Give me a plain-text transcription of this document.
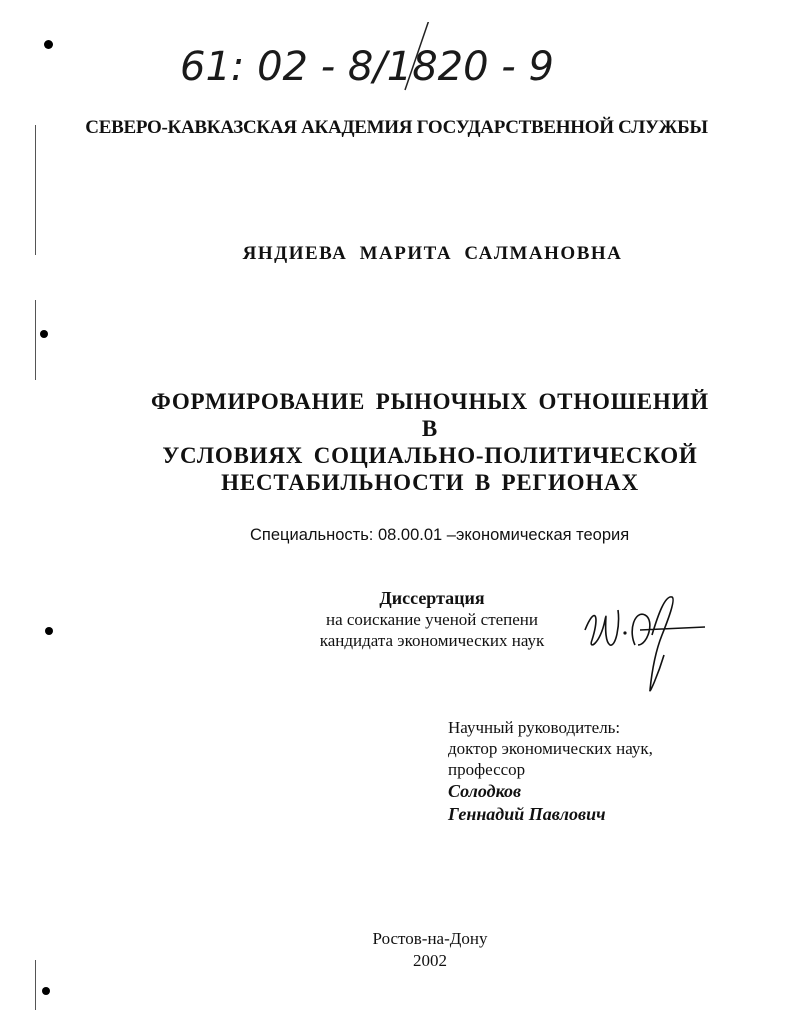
61: 02 - 8/1820 - 9
СЕВЕРО-КАВКАЗСКАЯ АКАДЕМИЯ ГОСУДАРСТВЕННОЙ СЛУЖБЫ
ЯНДИЕВА МАРИТА САЛМАНОВНА
ФОРМИРОВАНИЕ РЫНОЧНЫХ ОТНОШЕНИЙ В
УСЛОВИЯХ СОЦИАЛЬНО-ПОЛИТИЧЕСКОЙ
НЕСТАБИЛЬНОСТИ В РЕГИОНАХ
Специальность: 08.00.01 –экономическая теория
Диссертация
на соискание ученой степени
кандидата экономических наук
Научный руководитель:
доктор экономических наук,
профессор
Солодков
Геннадий Павлович
Ростов-на-Дону
2002
